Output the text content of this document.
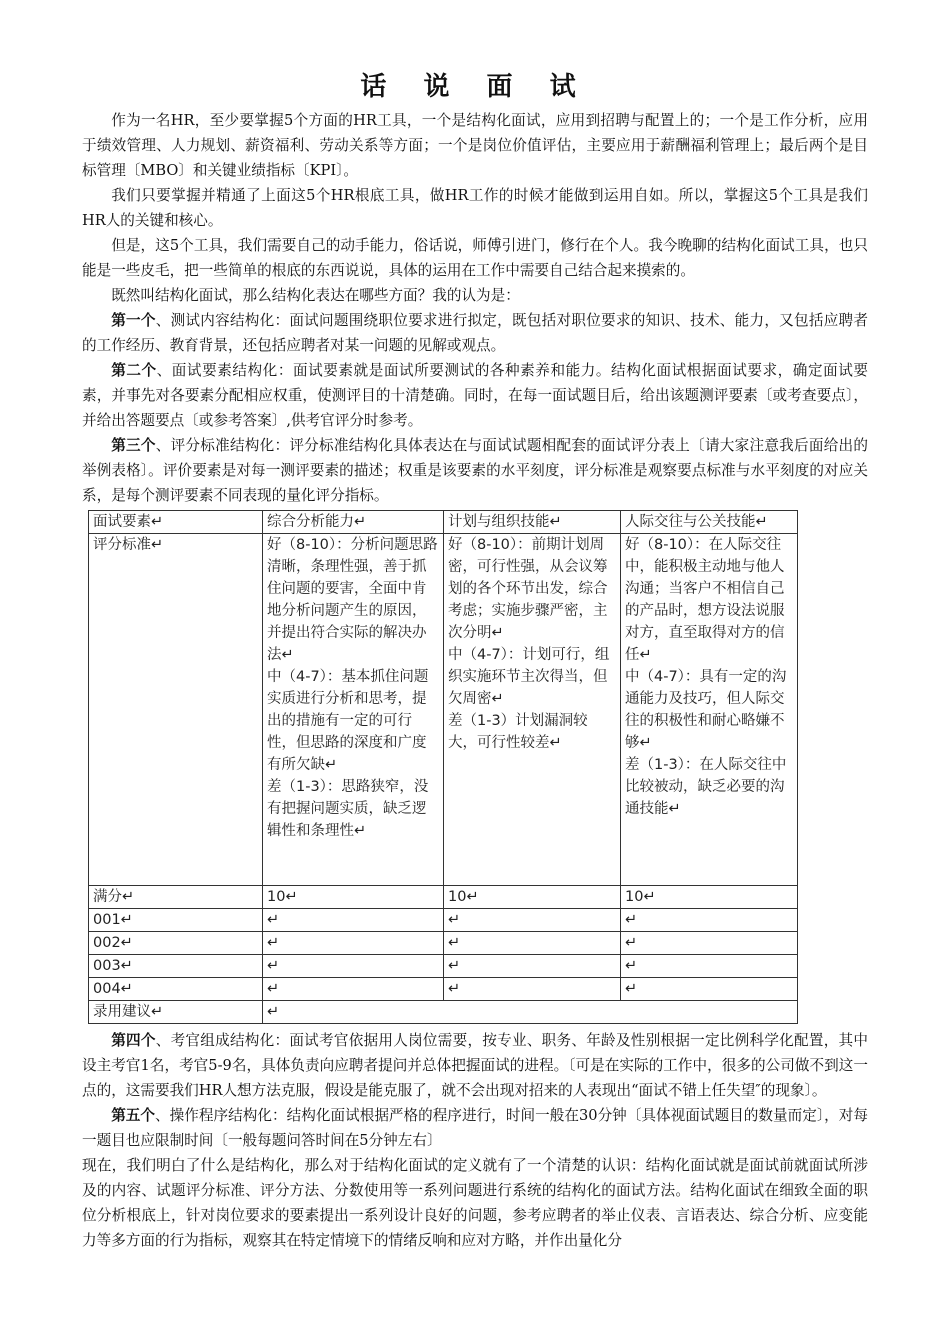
话 说 面 试

作为一名HR，至少要掌握5个方面的HR工具，一个是结构化面试，应用到招聘与配置上的；一个是工作分析，应用于绩效管理、人力规划、薪资福利、劳动关系等方面；一个是岗位价值评估，主要应用于薪酬福利管理上；最后两个是目标管理〔MBO〕和关键业绩指标〔KPI〕。

我们只要掌握并精通了上面这5个HR根底工具，做HR工作的时候才能做到运用自如。所以，掌握这5个工具是我们HR人的关键和核心。

但是，这5个工具，我们需要自己的动手能力，俗话说，师傅引进门，修行在个人。我今晚聊的结构化面试工具，也只能是一些皮毛，把一些简单的根底的东西说说，具体的运用在工作中需要自己结合起来摸索的。

既然叫结构化面试，那么结构化表达在哪些方面？我的认为是：

第一个、测试内容结构化：面试问题围绕职位要求进行拟定，既包括对职位要求的知识、技术、能力，又包括应聘者的工作经历、教育背景，还包括应聘者对某一问题的见解或观点。

第二个、面试要素结构化：面试要素就是面试所要测试的各种素养和能力。结构化面试根据面试要求，确定面试要素，并事先对各要素分配相应权重，使测评目的十清楚确。同时，在每一面试题目后，给出该题测评要素〔或考查要点〕，并给出答题要点〔或参考答案〕,供考官评分时参考。

第三个、评分标准结构化：评分标准结构化具体表达在与面试试题相配套的面试评分表上〔请大家注意我后面给出的举例表格〕。评价要素是对每一测评要素的描述；权重是该要素的水平刻度，评分标准是观察要点标准与水平刻度的对应关系，是每个测评要素不同表现的量化评分指标。

面试要素↵	综合分析能力↵	计划与组织技能↵	人际交往与公关技能↵
评分标准↵	好（8-10）：分析问题思路清晰，条理性强，善于抓住问题的要害，全面中肯地分析问题产生的原因，并提出符合实际的解决办法↵
中（4-7）：基本抓住问题实质进行分析和思考，提出的措施有一定的可行性，但思路的深度和广度有所欠缺↵
差（1-3）：思路狭窄，没有把握问题实质，缺乏逻辑性和条理性↵	好（8-10）：前期计划周密，可行性强，从会议筹划的各个环节出发，综合考虑；实施步骤严密，主次分明↵
中（4-7）：计划可行，组织实施环节主次得当，但欠周密↵
差（1-3）计划漏洞较大，可行性较差↵	好（8-10）：在人际交往中，能积极主动地与他人沟通；当客户不相信自己的产品时，想方设法说服对方，直至取得对方的信任↵
中（4-7）：具有一定的沟通能力及技巧，但人际交往的积极性和耐心略嫌不够↵
差（1-3）：在人际交往中比较被动，缺乏必要的沟通技能↵
满分↵	10↵	10↵	10↵
001↵	↵	↵	↵
002↵	↵	↵	↵
003↵	↵	↵	↵
004↵	↵	↵	↵
录用建议↵	↵		

第四个、考官组成结构化：面试考官依据用人岗位需要，按专业、职务、年龄及性别根据一定比例科学化配置，其中设主考官1名，考官5-9名，具体负责向应聘者提问并总体把握面试的进程。〔可是在实际的工作中，很多的公司做不到这一点的，这需要我们HR人想方法克服，假设是能克服了，就不会出现对招来的人表现出“面试不错上任失望″的现象〕。

第五个、操作程序结构化：结构化面试根据严格的程序进行，时间一般在30分钟〔具体视面试题目的数量而定〕，对每一题目也应限制时间〔一般每题问答时间在5分钟左右〕

现在，我们明白了什么是结构化，那么对于结构化面试的定义就有了一个清楚的认识：结构化面试就是面试前就面试所涉及的内容、试题评分标准、评分方法、分数使用等一系列问题进行系统的结构化的面试方法。结构化面试在细致全面的职位分析根底上，针对岗位要求的要素提出一系列设计良好的问题，参考应聘者的举止仪表、言语表达、综合分析、应变能力等多方面的行为指标，观察其在特定情境下的情绪反响和应对方略，并作出量化分
